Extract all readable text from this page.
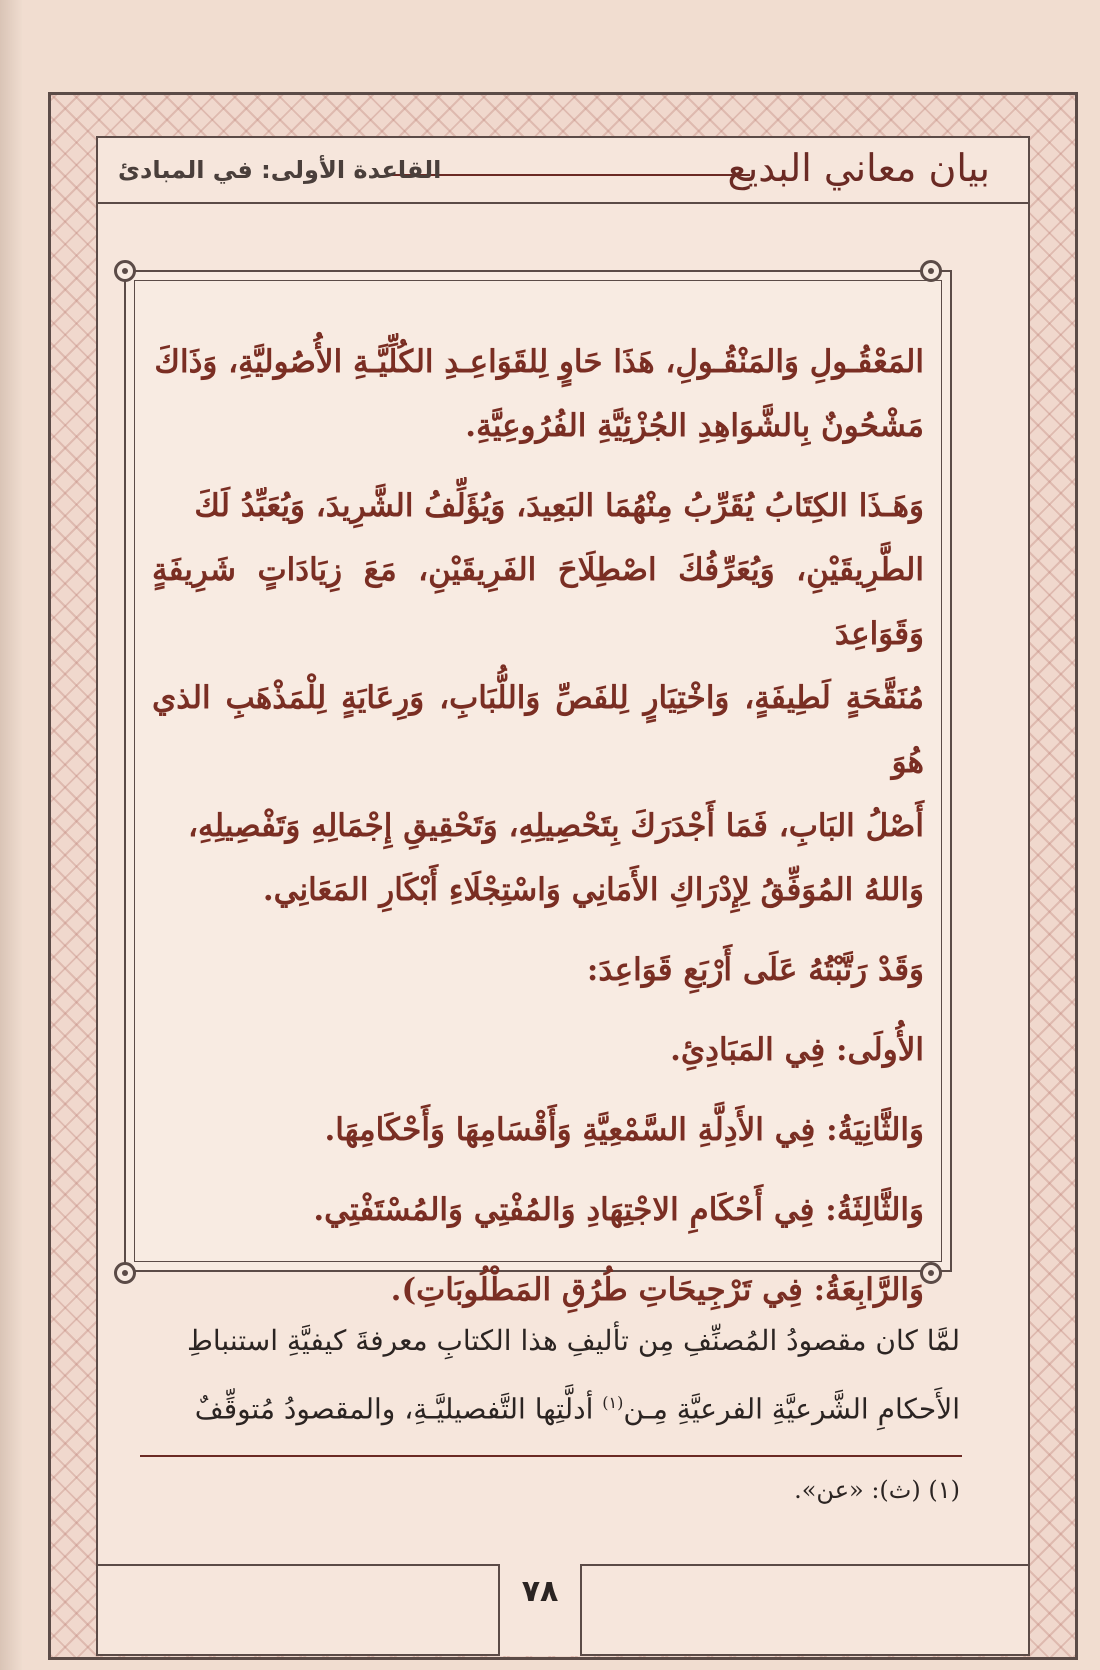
بيان معاني البديع
القاعدة الأولى: في المبادئ

المَعْقُـولِ وَالمَنْقُـولِ، هَذَا حَاوٍ لِلقَوَاعِـدِ الكُلِّيَّـةِ الأُصُوليَّةِ، وَذَاكَ
مَشْحُونٌ بِالشَّوَاهِدِ الجُزْئِيَّةِ الفُرُوعِيَّةِ.

وَهَـذَا الكِتَابُ يُقَرِّبُ مِنْهُمَا البَعِيدَ، وَيُؤَلِّفُ الشَّرِيدَ، وَيُعَبِّدُ لَكَ
الطَّرِيقَيْنِ، وَيُعَرِّفُكَ اصْطِلَاحَ الفَرِيقَيْنِ، مَعَ زِيَادَاتٍ شَرِيفَةٍ وَقَوَاعِدَ
مُنَقَّحَةٍ لَطِيفَةٍ، وَاخْتِيَارٍ لِلفَصِّ وَاللُّبَابِ، وَرِعَايَةٍ لِلْمَذْهَبِ الذي هُوَ
أَصْلُ البَابِ، فَمَا أَجْدَرَكَ بِتَحْصِيلِهِ، وَتَحْقِيقِ إِجْمَالِهِ وَتَفْصِيلِهِ،
وَاللهُ المُوَفِّقُ لِإِدْرَاكِ الأَمَانِي وَاسْتِجْلَاءِ أَبْكَارِ المَعَانِي.

وَقَدْ رَتَّبْتُهُ عَلَى أَرْبَعِ قَوَاعِدَ:

الأُولَى: فِي المَبَادِئِ.

وَالثَّانِيَةُ: فِي الأَدِلَّةِ السَّمْعِيَّةِ وَأَقْسَامِهَا وَأَحْكَامِهَا.

وَالثَّالِثَةُ: فِي أَحْكَامِ الاجْتِهَادِ وَالمُفْتِي وَالمُسْتَفْتِي.

وَالرَّابِعَةُ: فِي تَرْجِيحَاتِ طُرُقِ المَطْلُوبَاتِ).

لمَّا كان مقصودُ المُصنِّفِ مِن تأليفِ هذا الكتابِ معرفةَ كيفيَّةِ استنباطِ
الأَحكامِ الشَّرعيَّةِ الفرعيَّةِ مِـن$^{(١)}$ أدلَّتِها التَّفصيليَّـةِ، والمقصودُ مُتوقِّفٌ
(١) (ث): «عن».
٧٨
